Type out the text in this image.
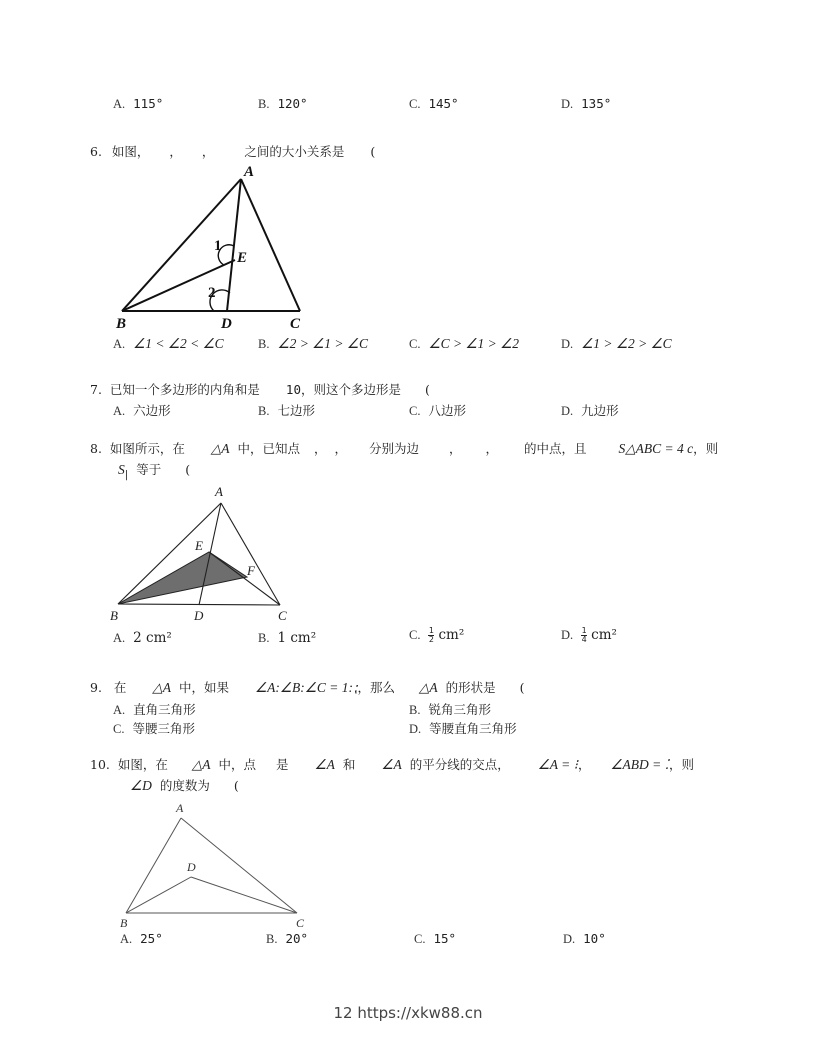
A. 115°	B. 120°	C. 145°	D. 135°
6. 如图， ， ， 之间的大小关系是 (
A
B	D	C
E
1
2
A. ∠1 < ∠2 < ∠C	B. ∠2 > ∠1 > ∠C	C. ∠C > ∠1 > ∠2	D. ∠1 > ∠2 > ∠C
7. 已知一个多边形的内角和是 10，则这个多边形是 (
A. 六边形	B. 七边形	C. 八边形	D. 九边形
8. 如图所示，在 △A 中，已知点 ， ， 分别为边 ， ， 的中点，且 S△ABC = 4 c，则
$S_|$ 等于 (
A
B	D	C
E
F
A. 2 cm²	B. 1 cm²	C. $\frac{1}{2} cm^2$	D. $\frac{1}{4} cm^2$
9. 在 △A 中，如果 ∠A:∠B:∠C = 1:⁏，那么 △A 的形状是 (
A. 直角三角形	B. 锐角三角形
C. 等腰三角形	D. 等腰直角三角形
10. 如图，在 △A 中，点 是 ∠A 和 ∠A 的平分线的交点， ∠A = ⁝， ∠ABD = ⁚，则
∠D 的度数为 (
A
D
B	C
A. 25°	B. 20°	C. 15°	D. 10°
12 https://xkw88.cn
